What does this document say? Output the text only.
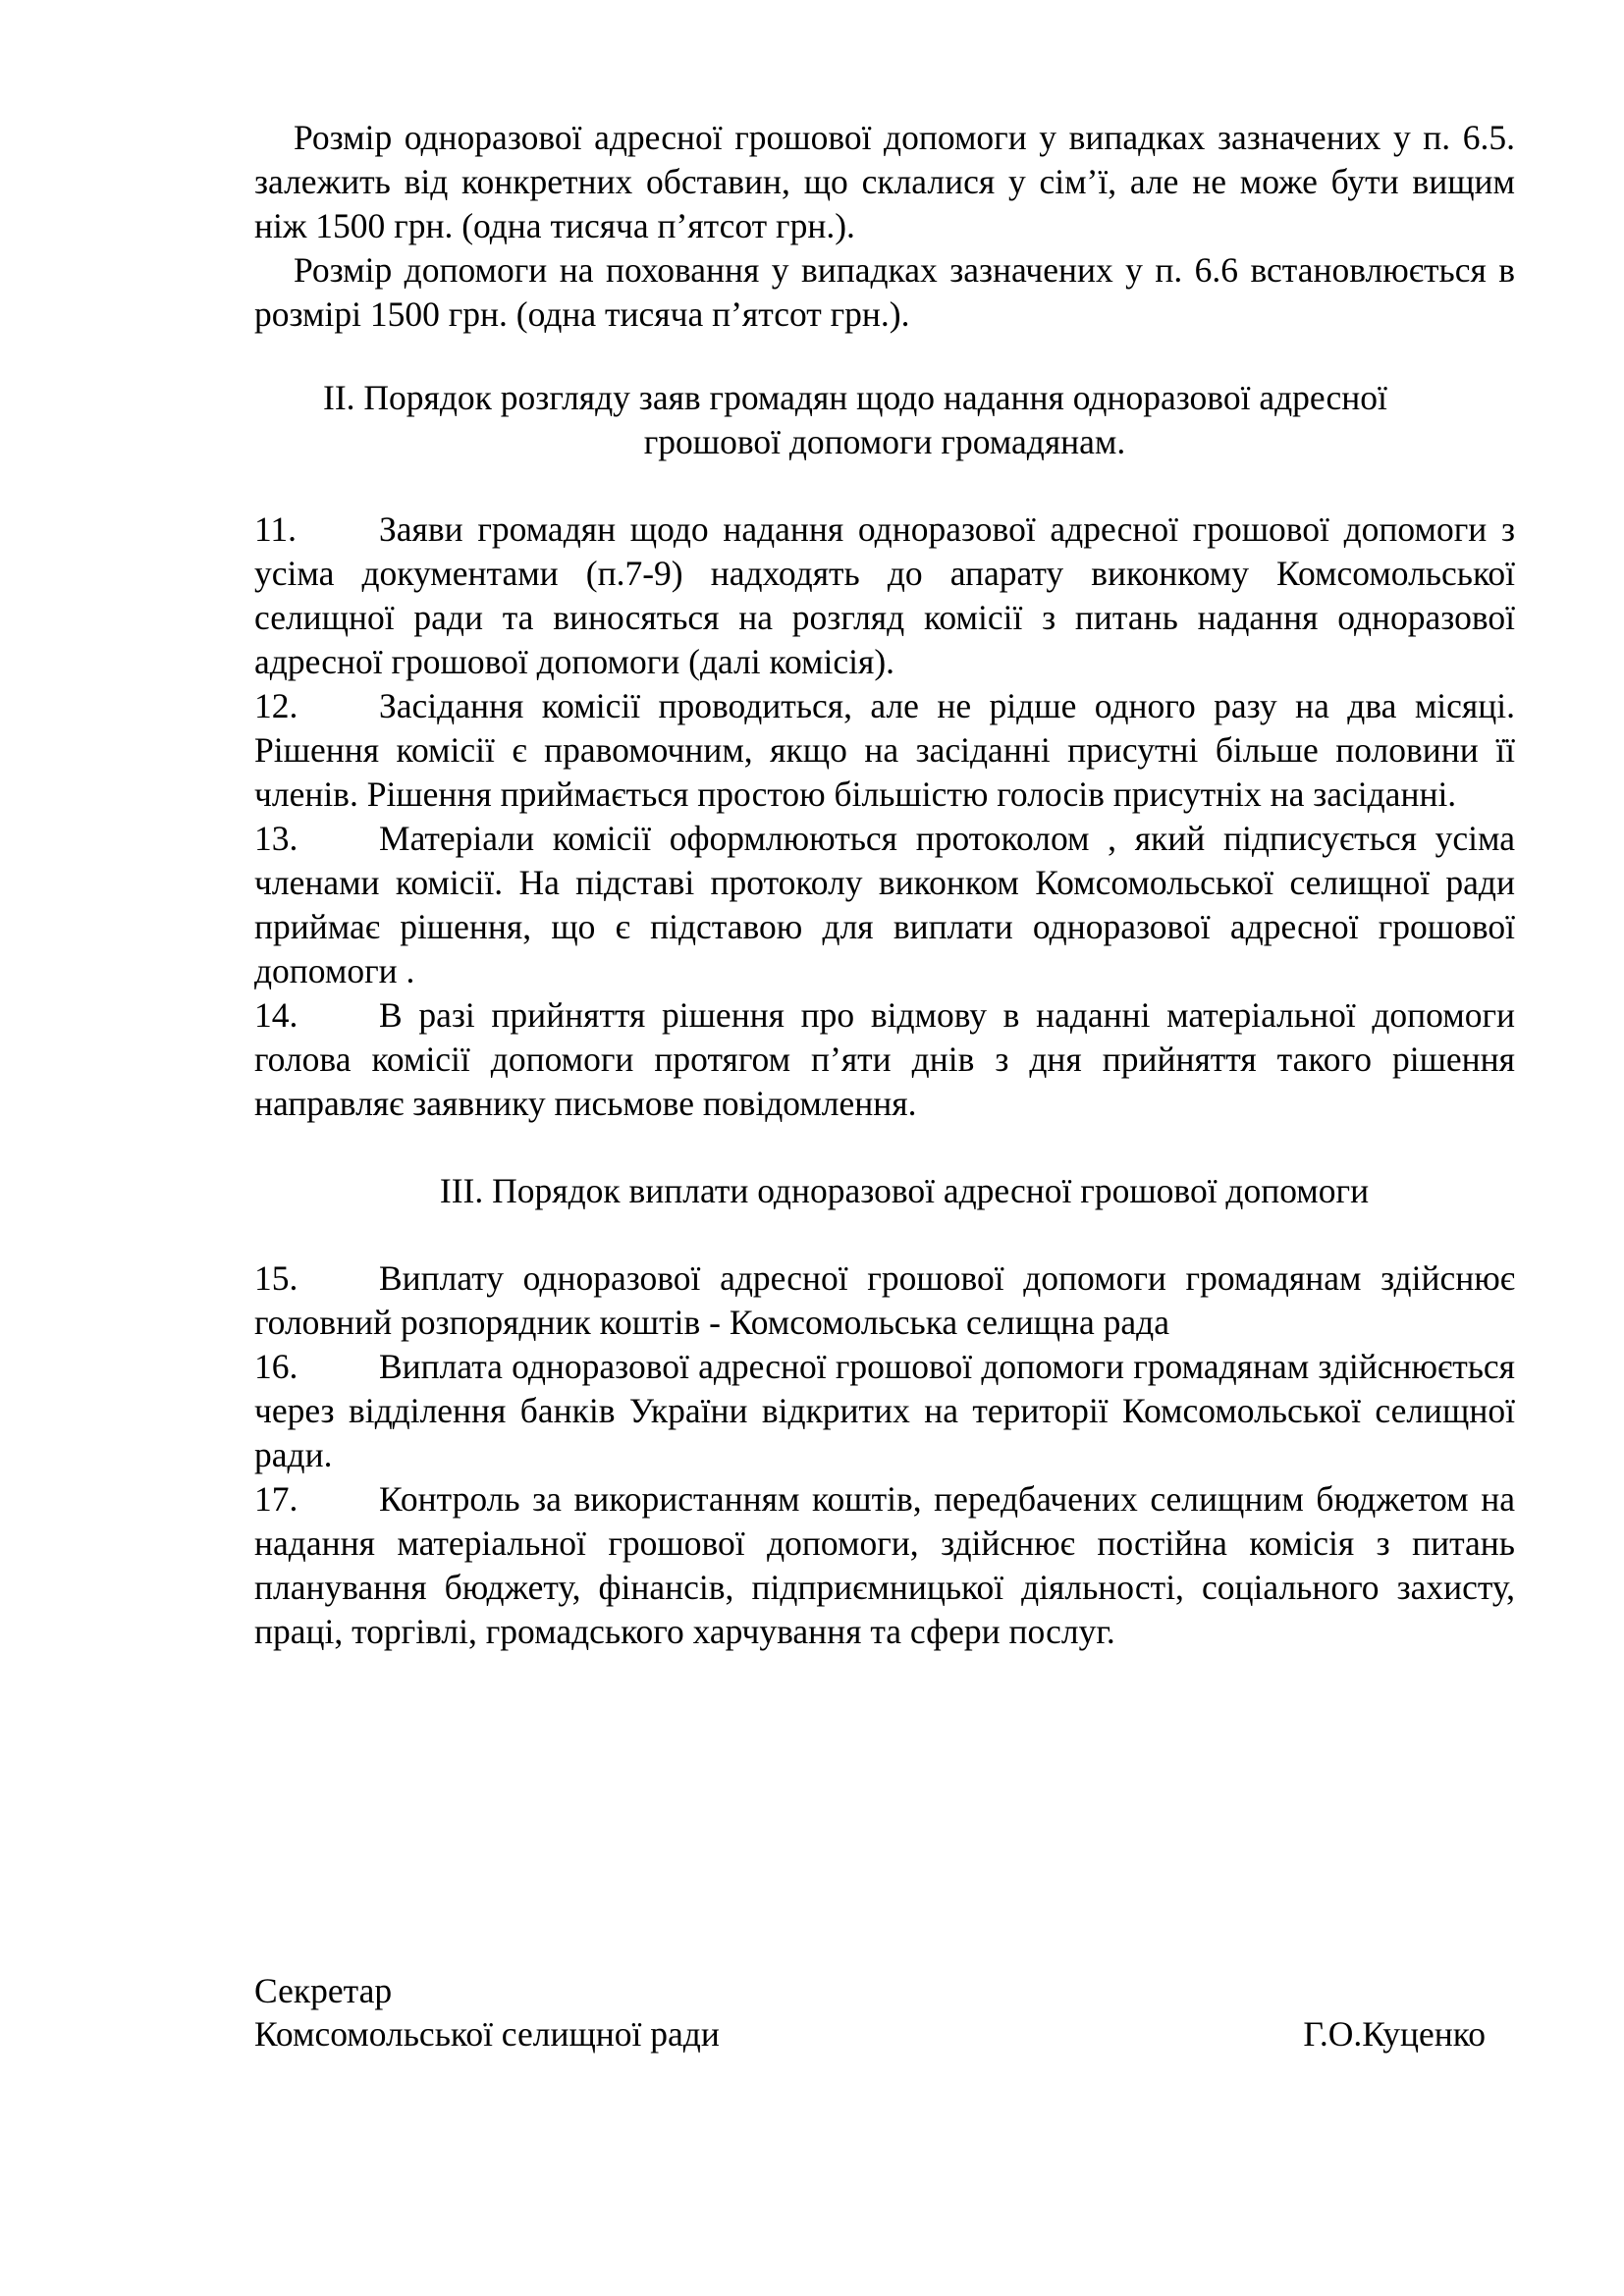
Розмір одноразової адресної грошової допомоги у випадках зазначених у п. 6.5. залежить від конкретних обставин, що склалися у сім’ї, але не може бути вищим ніж 1500 грн. (одна тисяча п’ятсот грн.).

Розмір допомоги на поховання у випадках зазначених у п. 6.6 встановлюється в розмірі 1500 грн. (одна тисяча п’ятсот грн.).

II. Порядок розгляду заяв громадян щодо надання одноразової адресної

грошової допомоги громадянам.

11. Заяви громадян щодо надання одноразової адресної грошової допомоги з усіма документами (п.7-9) надходять до апарату виконкому Комсомольської селищної ради та виносяться на розгляд комісії з питань надання одноразової адресної грошової допомоги (далі комісія).

12. Засідання комісії проводиться, але не рідше одного разу на два місяці. Рішення комісії є правомочним, якщо на засіданні присутні більше половини її членів. Рішення приймається простою більшістю голосів присутніх на засіданні.

13. Матеріали комісії оформлюються протоколом , який підписується усіма членами комісії. На підставі протоколу виконком Комсомольської селищної ради приймає рішення, що є підставою для виплати одноразової адресної грошової допомоги .

14. В разі прийняття рішення про відмову в наданні матеріальної допомоги голова комісії допомоги протягом п’яти днів з дня прийняття такого рішення направляє заявнику письмове повідомлення.

III. Порядок виплати одноразової адресної грошової допомоги

15. Виплату одноразової адресної грошової допомоги громадянам здійснює головний розпорядник коштів - Комсомольська селищна рада

16. Виплата одноразової адресної грошової допомоги громадянам здійснюється через відділення банків України відкритих на території Комсомольської селищної ради.

17. Контроль за використанням коштів, передбачених селищним бюджетом на надання матеріальної грошової допомоги, здійснює постійна комісія з питань планування бюджету, фінансів, підприємницької діяльності, соціального захисту, праці, торгівлі, громадського харчування та сфери послуг.

Секретар
Комсомольської селищної ради	Г.О.Куценко
